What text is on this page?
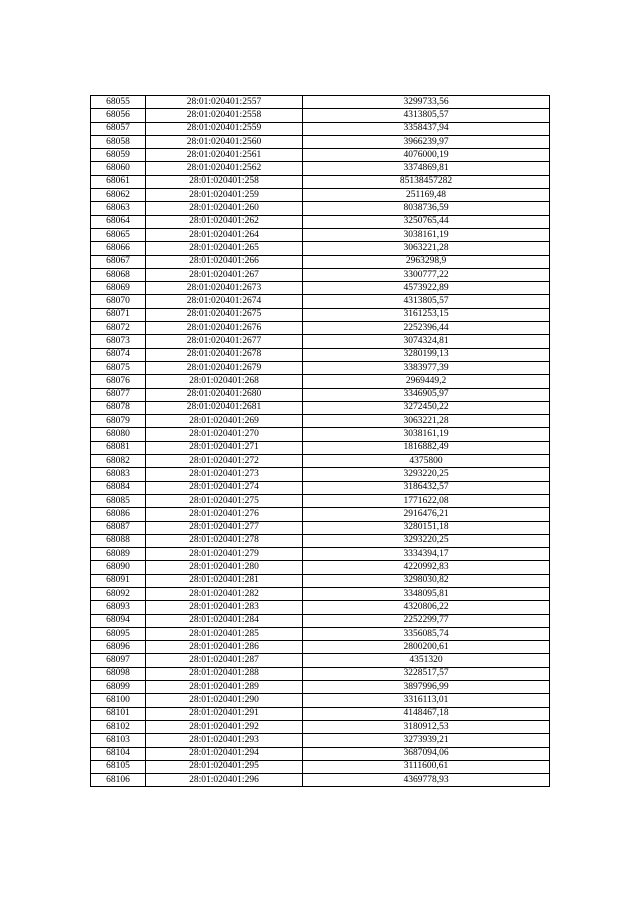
68055	28:01:020401:2557	3299733,56
68056	28:01:020401:2558	4313805,57
68057	28:01:020401:2559	3358437,94
68058	28:01:020401:2560	3966239,97
68059	28:01:020401:2561	4076000,19
68060	28:01:020401:2562	3374869,81
68061	28:01:020401:258	85138457282
68062	28:01:020401:259	251169,48
68063	28:01:020401:260	8038736,59
68064	28:01:020401:262	3250765,44
68065	28:01:020401:264	3038161,19
68066	28:01:020401:265	3063221,28
68067	28:01:020401:266	2963298,9
68068	28:01:020401:267	3300777,22
68069	28:01:020401:2673	4573922,89
68070	28:01:020401:2674	4313805,57
68071	28:01:020401:2675	3161253,15
68072	28:01:020401:2676	2252396,44
68073	28:01:020401:2677	3074324,81
68074	28:01:020401:2678	3280199,13
68075	28:01:020401:2679	3383977,39
68076	28:01:020401:268	2969449,2
68077	28:01:020401:2680	3346905,97
68078	28:01:020401:2681	3272450,22
68079	28:01:020401:269	3063221,28
68080	28:01:020401:270	3038161,19
68081	28:01:020401:271	1816882,49
68082	28:01:020401:272	4375800
68083	28:01:020401:273	3293220,25
68084	28:01:020401:274	3186432,57
68085	28:01:020401:275	1771622,08
68086	28:01:020401:276	2916476,21
68087	28:01:020401:277	3280151,18
68088	28:01:020401:278	3293220,25
68089	28:01:020401:279	3334394,17
68090	28:01:020401:280	4220992,83
68091	28:01:020401:281	3298030,82
68092	28:01:020401:282	3348095,81
68093	28:01:020401:283	4320806,22
68094	28:01:020401:284	2252299,77
68095	28:01:020401:285	3356085,74
68096	28:01:020401:286	2800200,61
68097	28:01:020401:287	4351320
68098	28:01:020401:288	3228517,57
68099	28:01:020401:289	3897996,99
68100	28:01:020401:290	3316113,01
68101	28:01:020401:291	4148467,18
68102	28:01:020401:292	3180912,53
68103	28:01:020401:293	3273939,21
68104	28:01:020401:294	3687094,06
68105	28:01:020401:295	3111600,61
68106	28:01:020401:296	4369778,93
